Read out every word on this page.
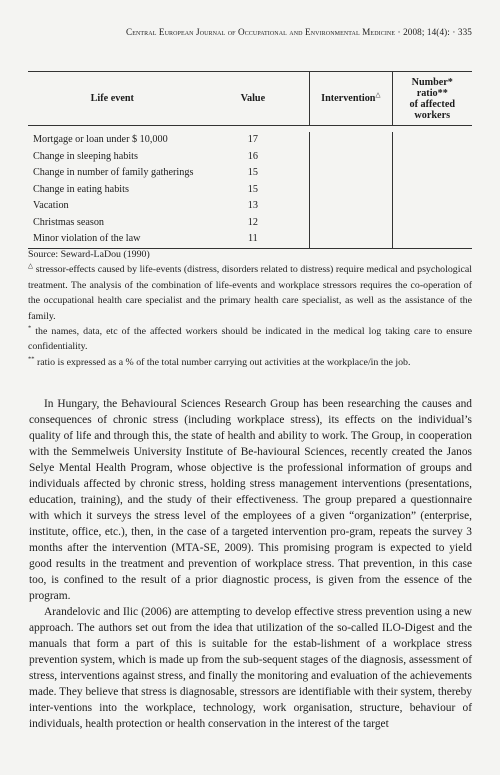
Central European Journal of Occupational and Environmental Medicine · 2008; 14(4): · 335
Life event	Value	Intervention△	Number*
ratio**
of affected
workers

Mortgage or loan under $ 10,000	17		
Change in sleeping habits	16		
Change in number of family gatherings	15		
Change in eating habits	15		
Vacation	13		
Christmas season	12		
Minor violation of the law	11		

Source: Seward-LaDou (1990)

△ stressor-effects caused by life-events (distress, disorders related to distress) require medical and psychological treatment. The analysis of the combination of life-events and workplace stressors requires the co-operation of the occupational health care specialist and the primary health care specialist, as well as the assistance of the family.

* the names, data, etc of the affected workers should be indicated in the medical log taking care to ensure confidentiality.

** ratio is expressed as a % of the total number carrying out activities at the workplace/in the job.

In Hungary, the Behavioural Sciences Research Group has been researching the causes and consequences of chronic stress (including workplace stress), its effects on the individual’s quality of life and through this, the state of health and ability to work. The Group, in cooperation with the Semmelweis University Institute of Be-havioural Sciences, recently created the Janos Selye Mental Health Program, whose objective is the professional information of groups and individuals affected by chronic stress, holding stress management interventions (presentations, education, training), and the study of their effectiveness. The group prepared a questionnaire with which it surveys the stress level of the employees of a given “organization” (enterprise, institute, office, etc.), then, in the case of a targeted intervention pro-gram, repeats the survey 3 months after the intervention (MTA-SE, 2009). This promising program is expected to yield good results in the treatment and prevention of workplace stress. That prevention, in this case too, is confined to the result of a prior diagnostic process, is given from the essence of the program.

Arandelovic and Ilic (2006) are attempting to develop effective stress prevention using a new approach. The authors set out from the idea that utilization of the so-called ILO-Digest and the manuals that form a part of this is suitable for the estab-lishment of a workplace stress prevention system, which is made up from the sub-sequent stages of the diagnosis, assessment of stress, interventions against stress, and finally the monitoring and evaluation of the achievements made. They believe that stress is diagnosable, stressors are identifiable with their system, thereby inter-ventions into the workplace, technology, work organisation, structure, behaviour of individuals, health protection or health conservation in the interest of the target
